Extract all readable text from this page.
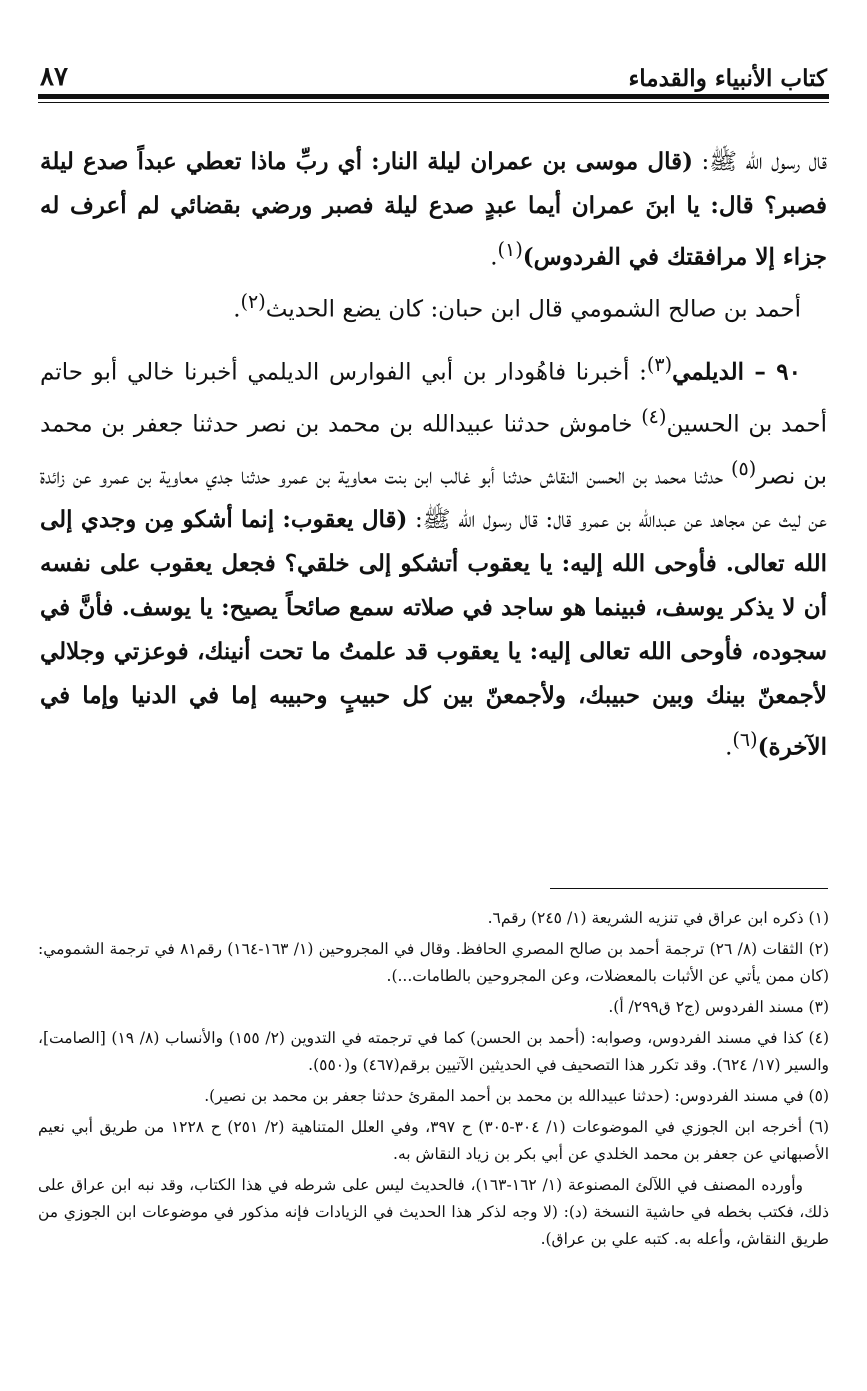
٨٧	كتاب الأنبياء والقدماء

قال رسول الله ﷺ: (قال موسى بن عمران ليلة النار: أي ربِّ ماذا تعطي عبداً صدع ليلة فصبر؟ قال: يا ابنَ عمران أيما عبدٍ صدع ليلة فصبر ورضي بقضائي لم أعرف له جزاء إلا مرافقتك في الفردوس)$^{(١)}$.

أحمد بن صالح الشمومي قال ابن حبان: كان يضع الحديث$^{(٢)}$.

٩٠ – الديلمي$^{(٣)}$: أخبرنا فاهُودار بن أبي الفوارس الديلمي أخبرنا خالي أبو حاتم أحمد بن الحسين$^{(٤)}$ خاموش حدثنا عبيدالله بن محمد بن نصر حدثنا جعفر بن محمد بن نصر$^{(٥)}$ حدثنا محمد بن الحسن النقاش حدثنا أبو غالب ابن بنت معاوية بن عمرو حدثنا جدي معاوية بن عمرو عن زائدة عن ليث عن مجاهد عن عبدالله بن عمرو قال: قال رسول الله ﷺ: (قال يعقوب: إنما أشكو مِن وجدي إلى الله تعالى. فأوحى الله إليه: يا يعقوب أتشكو إلى خلقي؟ فجعل يعقوب على نفسه أن لا يذكر يوسف، فبينما هو ساجد في صلاته سمع صائحاً يصيح: يا يوسف. فأنَّ في سجوده، فأوحى الله تعالى إليه: يا يعقوب قد علمتُ ما تحت أنينك، فوعزتي وجلالي لأجمعنّ بينك وبين حبيبك، ولأجمعنّ بين كل حبيبٍ وحبيبه إما في الدنيا وإما في الآخرة)$^{(٦)}$.

(١) ذكره ابن عراق في تنزيه الشريعة (١/ ٢٤٥) رقم٦.

(٢) الثقات (٨/ ٢٦) ترجمة أحمد بن صالح المصري الحافظ. وقال في المجروحين (١/ ١٦٣-١٦٤) رقم٨١ في ترجمة الشمومي: (كان ممن يأتي عن الأثبات بالمعضلات، وعن المجروحين بالطامات...).

(٣) مسند الفردوس (ج٢ ق٢٩٩/ أ).

(٤) كذا في مسند الفردوس، وصوابه: (أحمد بن الحسن) كما في ترجمته في التدوين (٢/ ١٥٥) والأنساب (٨/ ١٩) [الصامت]، والسير (١٧/ ٦٢٤). وقد تكرر هذا التصحيف في الحديثين الآتيين برقم(٤٦٧) و(٥٥٠).

(٥) في مسند الفردوس: (حدثنا عبيدالله بن محمد بن أحمد المقرئ حدثنا جعفر بن محمد بن نصير).

(٦) أخرجه ابن الجوزي في الموضوعات (١/ ٣٠٤-٣٠٥) ح ٣٩٧، وفي العلل المتناهية (٢/ ٢٥١) ح ١٢٢٨ من طريق أبي نعيم الأصبهاني عن جعفر بن محمد الخلدي عن أبي بكر بن زياد النقاش به.

وأورده المصنف في اللآلئ المصنوعة (١/ ١٦٢-١٦٣)، فالحديث ليس على شرطه في هذا الكتاب، وقد نبه ابن عراق على ذلك، فكتب بخطه في حاشية النسخة (د): (لا وجه لذكر هذا الحديث في الزيادات فإنه مذكور في موضوعات ابن الجوزي من طريق النقاش، وأعله به. كتبه علي بن عراق).
